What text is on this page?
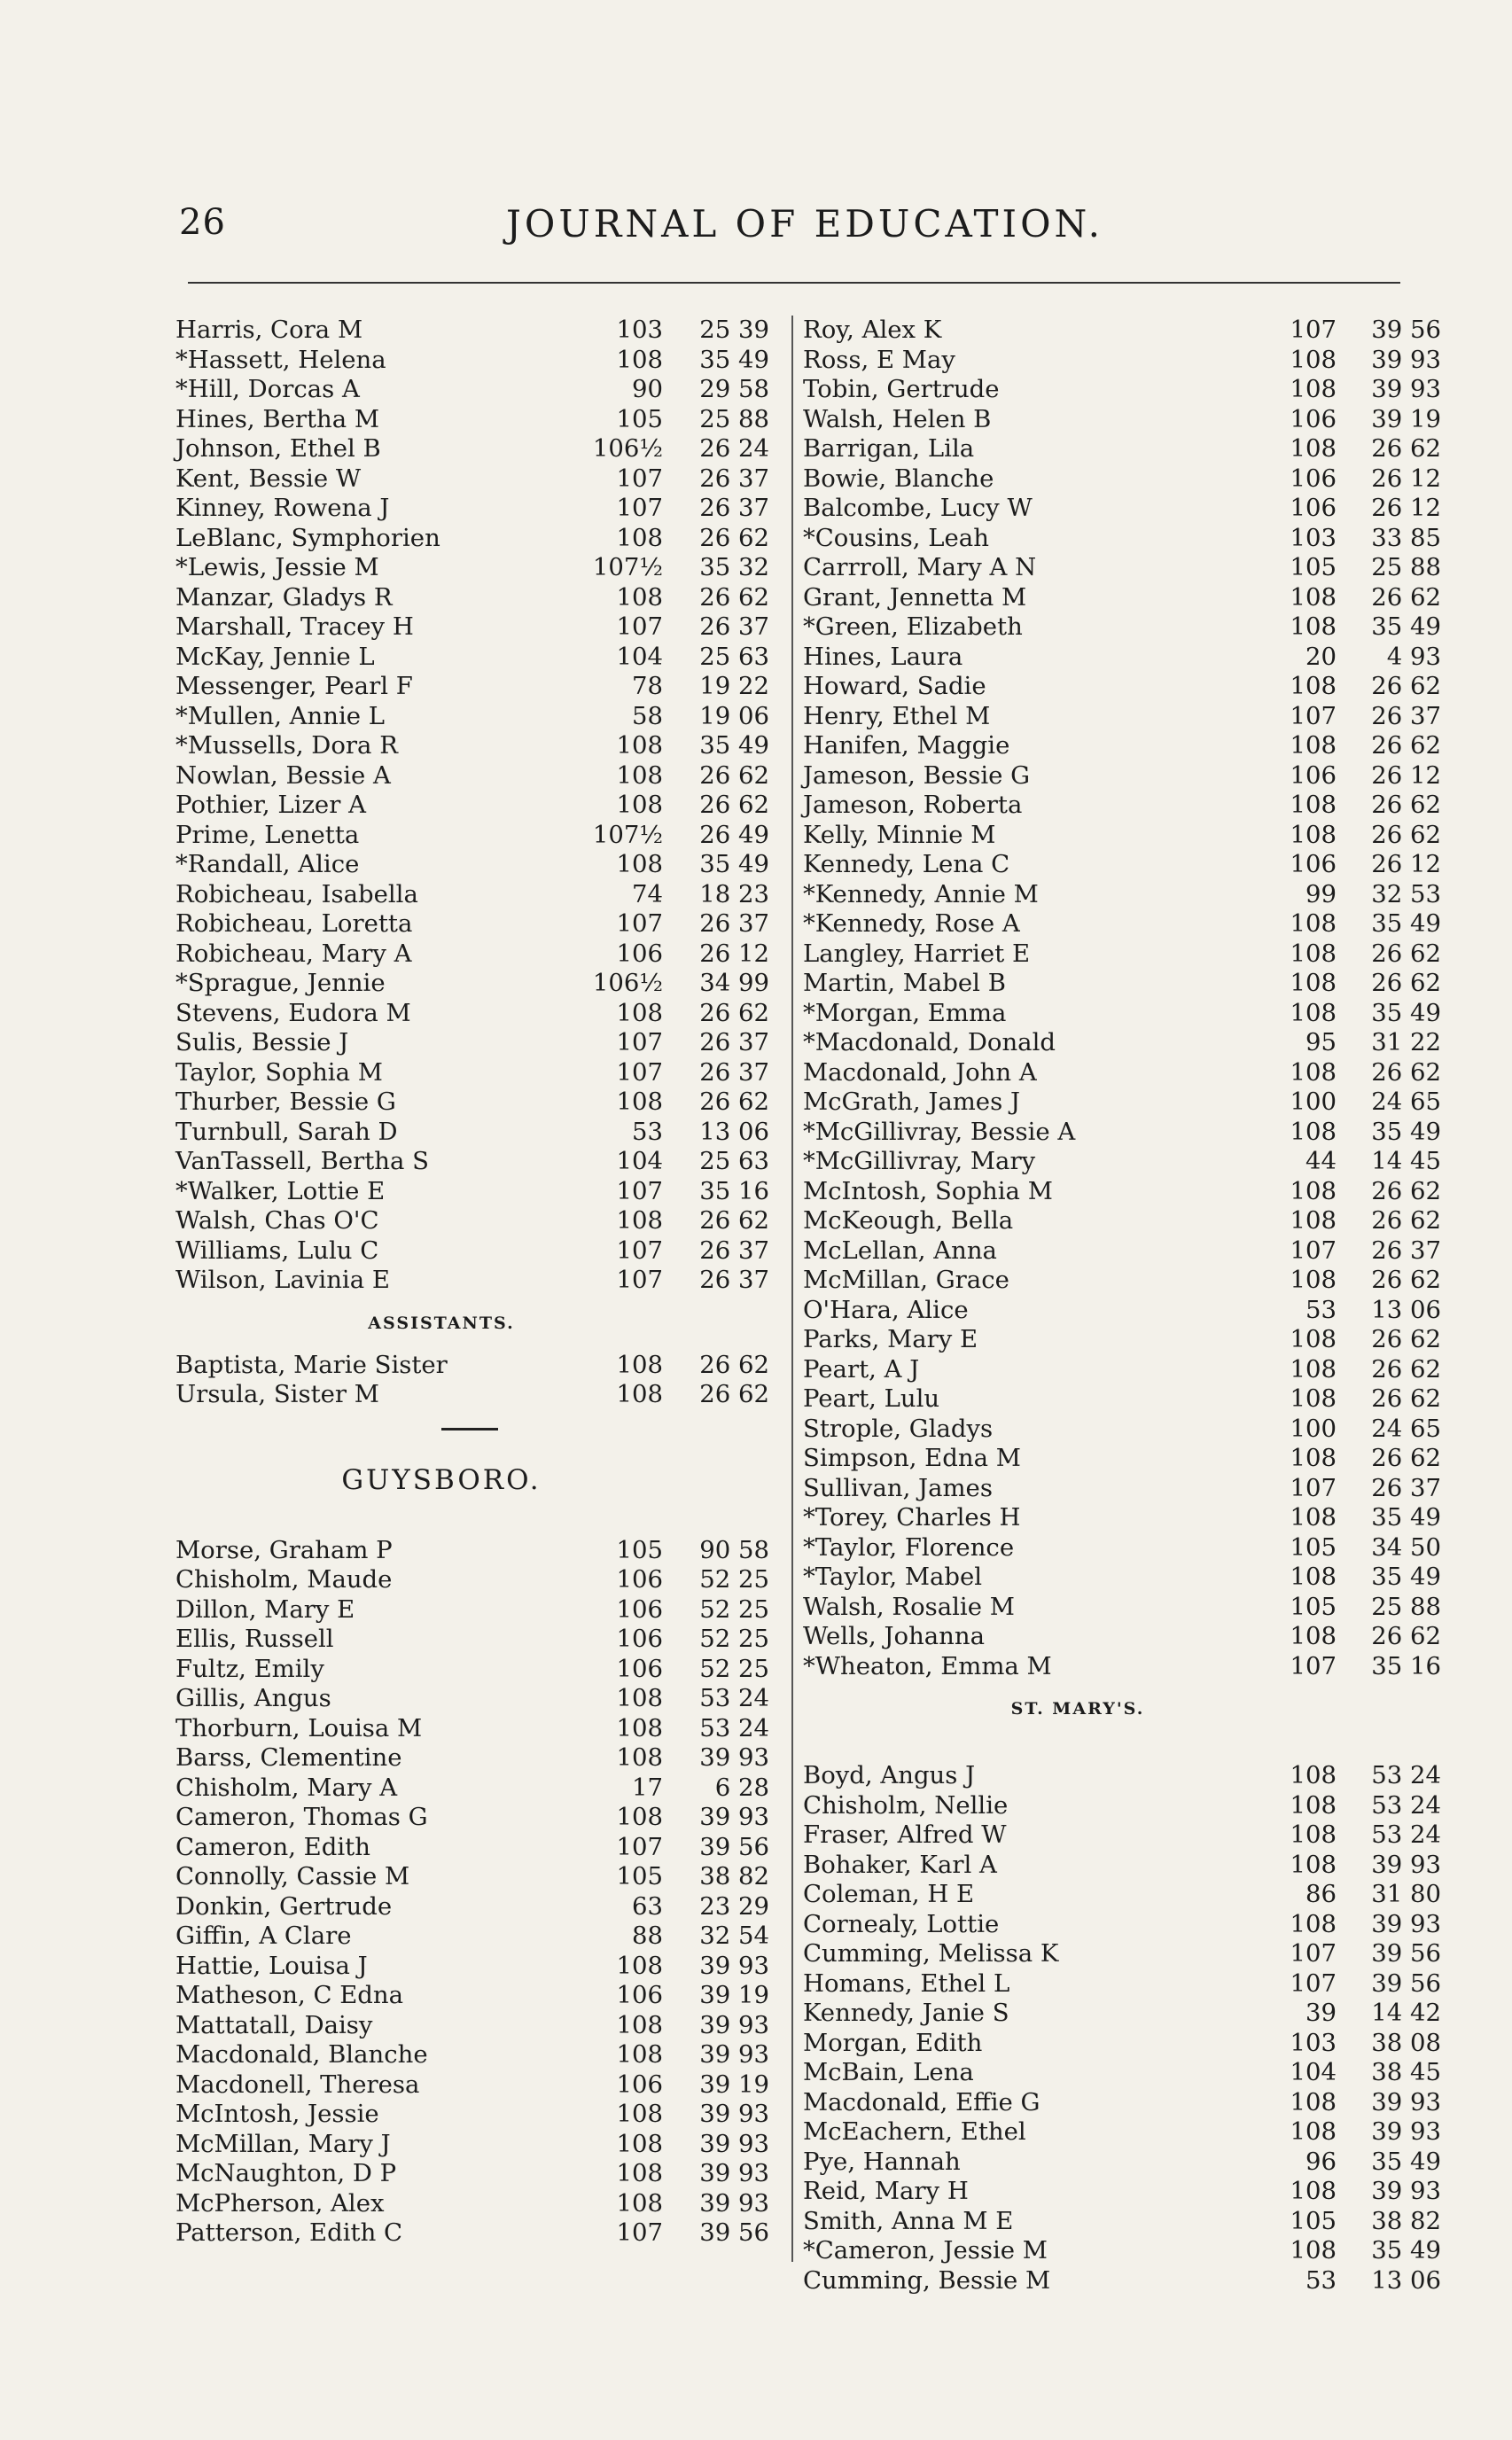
26	JOURNAL OF EDUCATION.
Harris, Cora M	103	25 39
*Hassett, Helena	108	35 49
*Hill, Dorcas A	90	29 58
Hines, Bertha M	105	25 88
Johnson, Ethel B	106½	26 24
Kent, Bessie W	107	26 37
Kinney, Rowena J	107	26 37
LeBlanc, Symphorien	108	26 62
*Lewis, Jessie M	107½	35 32
Manzar, Gladys R	108	26 62
Marshall, Tracey H	107	26 37
McKay, Jennie L	104	25 63
Messenger, Pearl F	78	19 22
*Mullen, Annie L	58	19 06
*Mussells, Dora R	108	35 49
Nowlan, Bessie A	108	26 62
Pothier, Lizer A	108	26 62
Prime, Lenetta	107½	26 49
*Randall, Alice	108	35 49
Robicheau, Isabella	74	18 23
Robicheau, Loretta	107	26 37
Robicheau, Mary A	106	26 12
*Sprague, Jennie	106½	34 99
Stevens, Eudora M	108	26 62
Sulis, Bessie J	107	26 37
Taylor, Sophia M	107	26 37
Thurber, Bessie G	108	26 62
Turnbull, Sarah D	53	13 06
VanTassell, Bertha S	104	25 63
*Walker, Lottie E	107	35 16
Walsh, Chas O'C	108	26 62
Williams, Lulu C	107	26 37
Wilson, Lavinia E	107	26 37
ASSISTANTS.
Baptista, Marie Sister	108	26 62
Ursula, Sister M	108	26 62
GUYSBORO.
Morse, Graham P	105	90 58
Chisholm, Maude	106	52 25
Dillon, Mary E	106	52 25
Ellis, Russell	106	52 25
Fultz, Emily	106	52 25
Gillis, Angus	108	53 24
Thorburn, Louisa M	108	53 24
Barss, Clementine	108	39 93
Chisholm, Mary A	17	6 28
Cameron, Thomas G	108	39 93
Cameron, Edith	107	39 56
Connolly, Cassie M	105	38 82
Donkin, Gertrude	63	23 29
Giffin, A Clare	88	32 54
Hattie, Louisa J	108	39 93
Matheson, C Edna	106	39 19
Mattatall, Daisy	108	39 93
Macdonald, Blanche	108	39 93
Macdonell, Theresa	106	39 19
McIntosh, Jessie	108	39 93
McMillan, Mary J	108	39 93
McNaughton, D P	108	39 93
McPherson, Alex	108	39 93
Patterson, Edith C	107	39 56
Roy, Alex K	107	39 56
Ross, E May	108	39 93
Tobin, Gertrude	108	39 93
Walsh, Helen B	106	39 19
Barrigan, Lila	108	26 62
Bowie, Blanche	106	26 12
Balcombe, Lucy W	106	26 12
*Cousins, Leah	103	33 85
Carrroll, Mary A N	105	25 88
Grant, Jennetta M	108	26 62
*Green, Elizabeth	108	35 49
Hines, Laura	20	4 93
Howard, Sadie	108	26 62
Henry, Ethel M	107	26 37
Hanifen, Maggie	108	26 62
Jameson, Bessie G	106	26 12
Jameson, Roberta	108	26 62
Kelly, Minnie M	108	26 62
Kennedy, Lena C	106	26 12
*Kennedy, Annie M	99	32 53
*Kennedy, Rose A	108	35 49
Langley, Harriet E	108	26 62
Martin, Mabel B	108	26 62
*Morgan, Emma	108	35 49
*Macdonald, Donald	95	31 22
Macdonald, John A	108	26 62
McGrath, James J	100	24 65
*McGillivray, Bessie A	108	35 49
*McGillivray, Mary	44	14 45
McIntosh, Sophia M	108	26 62
McKeough, Bella	108	26 62
McLellan, Anna	107	26 37
McMillan, Grace	108	26 62
O'Hara, Alice	53	13 06
Parks, Mary E	108	26 62
Peart, A J	108	26 62
Peart, Lulu	108	26 62
Strople, Gladys	100	24 65
Simpson, Edna M	108	26 62
Sullivan, James	107	26 37
*Torey, Charles H	108	35 49
*Taylor, Florence	105	34 50
*Taylor, Mabel	108	35 49
Walsh, Rosalie M	105	25 88
Wells, Johanna	108	26 62
*Wheaton, Emma M	107	35 16
ST. MARY'S.
Boyd, Angus J	108	53 24
Chisholm, Nellie	108	53 24
Fraser, Alfred W	108	53 24
Bohaker, Karl A	108	39 93
Coleman, H E	86	31 80
Cornealy, Lottie	108	39 93
Cumming, Melissa K	107	39 56
Homans, Ethel L	107	39 56
Kennedy, Janie S	39	14 42
Morgan, Edith	103	38 08
McBain, Lena	104	38 45
Macdonald, Effie G	108	39 93
McEachern, Ethel	108	39 93
Pye, Hannah	96	35 49
Reid, Mary H	108	39 93
Smith, Anna M E	105	38 82
*Cameron, Jessie M	108	35 49
Cumming, Bessie M	53	13 06
